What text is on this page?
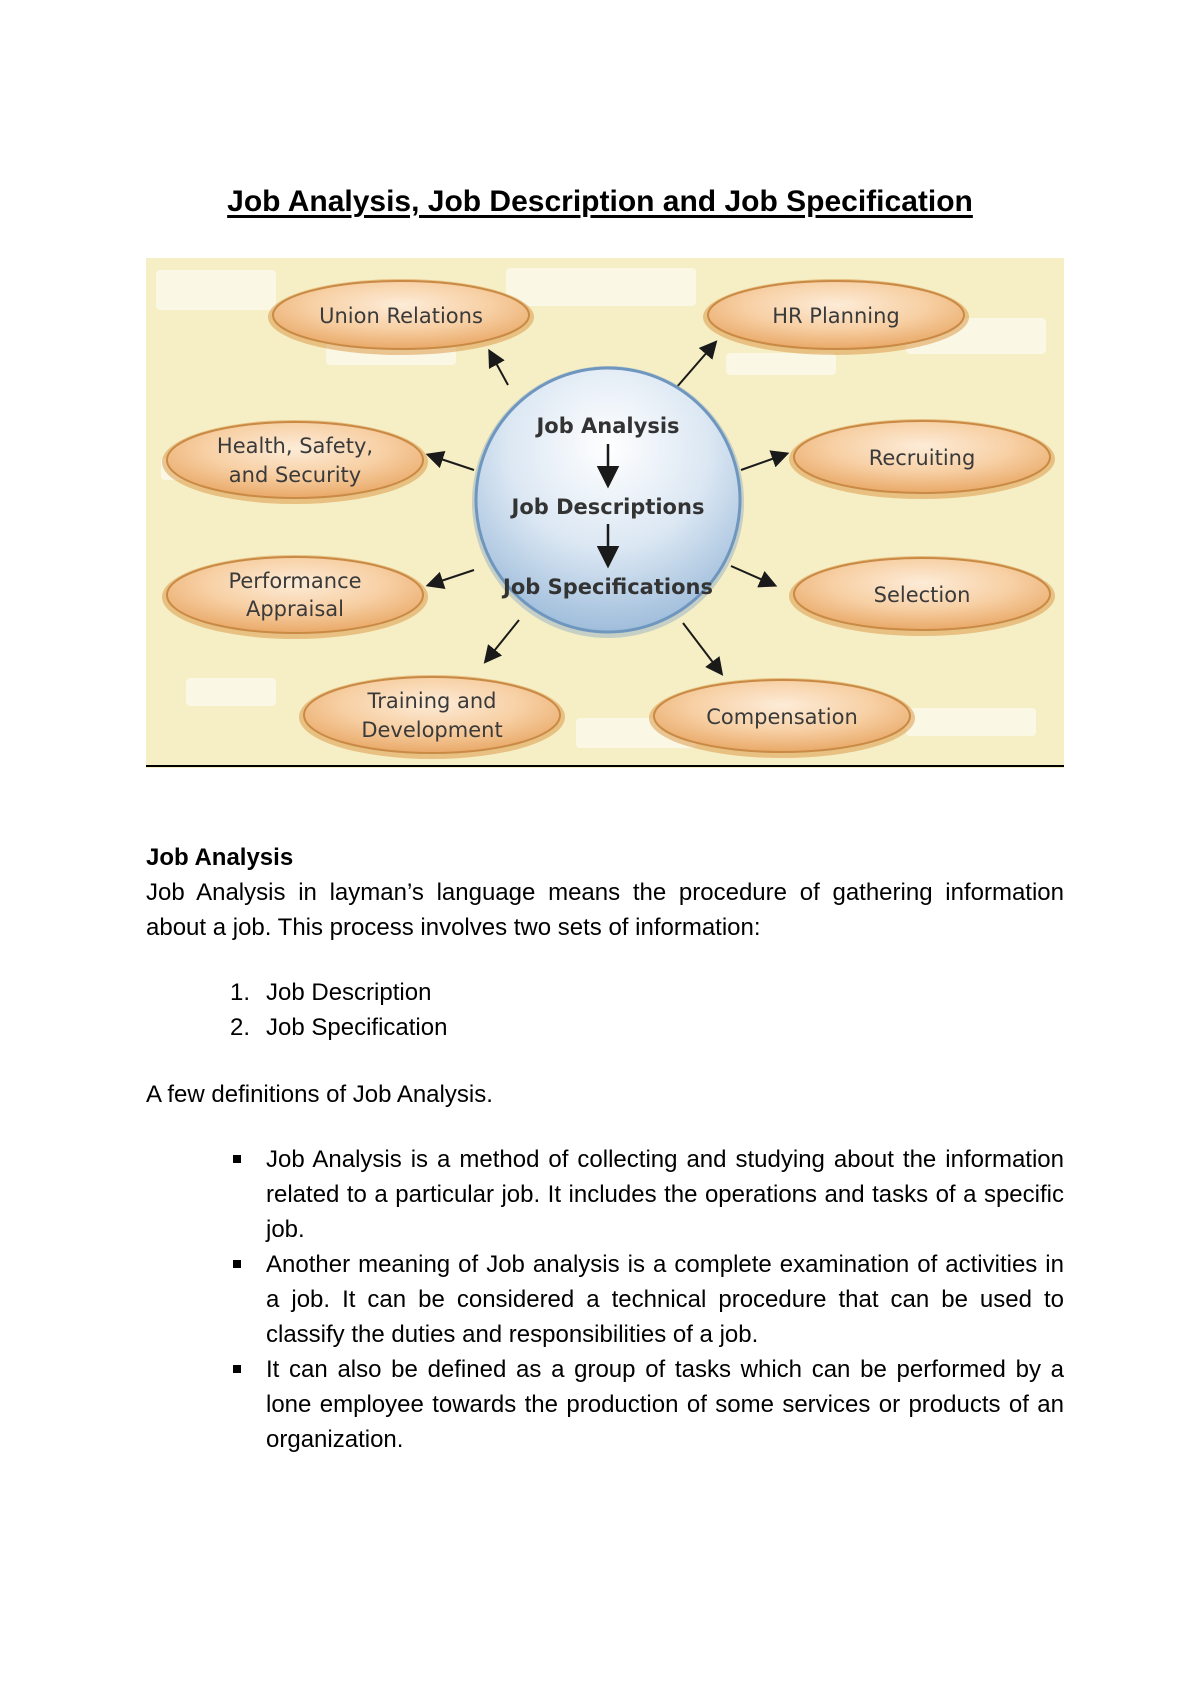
Job Analysis, Job Description and Job Specification
Union Relations	HR Planning
Health, Safety,
and Security
Recruiting
Performance
Appraisal
Selection
Training and
Development
Compensation
Job Analysis
Job Descriptions
Job Specifications

Job Analysis

Job Analysis in layman’s language means the procedure of gathering information about a job. This process involves two sets of information:

1. Job Description
2. Job Specification

A few definitions of Job Analysis.

Job Analysis is a method of collecting and studying about the information related to a particular job. It includes the operations and tasks of a specific job.
Another meaning of Job analysis is a complete examination of activities in a job. It can be considered a technical procedure that can be used to classify the duties and responsibilities of a job.
It can also be defined as a group of tasks which can be performed by a lone employee towards the production of some services or products of an organization.
